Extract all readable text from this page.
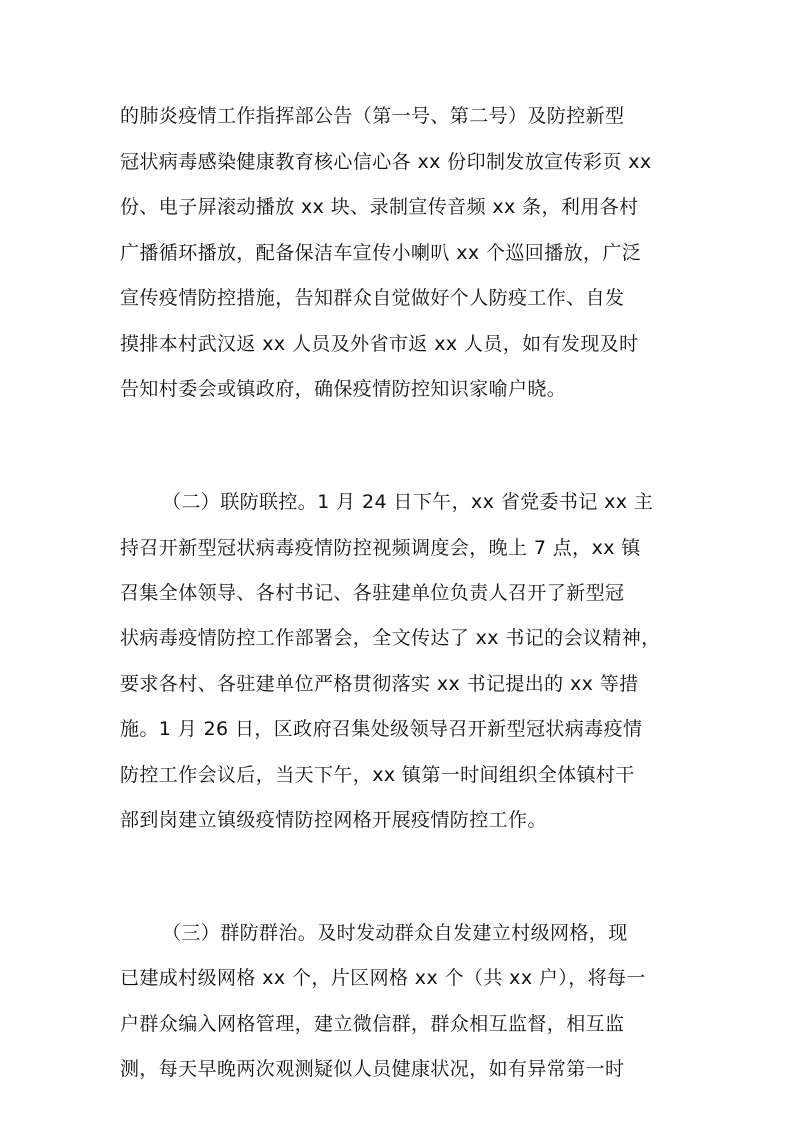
的肺炎疫情工作指挥部公告（第一号、第二号）及防控新型
冠状病毒感染健康教育核心信心各 xx 份印制发放宣传彩页 xx
份、电子屏滚动播放 xx 块、录制宣传音频 xx 条，利用各村
广播循环播放，配备保洁车宣传小喇叭 xx 个巡回播放，广泛
宣传疫情防控措施，告知群众自觉做好个人防疫工作、自发
摸排本村武汉返 xx 人员及外省市返 xx 人员，如有发现及时
告知村委会或镇政府，确保疫情防控知识家喻户晓。
（二）联防联控。1 月 24 日下午，xx 省党委书记 xx 主
持召开新型冠状病毒疫情防控视频调度会，晚上 7 点，xx 镇
召集全体领导、各村书记、各驻建单位负责人召开了新型冠
状病毒疫情防控工作部署会，全文传达了 xx 书记的会议精神，
要求各村、各驻建单位严格贯彻落实 xx 书记提出的 xx 等措
施。1 月 26 日，区政府召集处级领导召开新型冠状病毒疫情
防控工作会议后，当天下午，xx 镇第一时间组织全体镇村干
部到岗建立镇级疫情防控网格开展疫情防控工作。
（三）群防群治。及时发动群众自发建立村级网格，现
已建成村级网格 xx 个，片区网格 xx 个（共 xx 户），将每一
户群众编入网格管理，建立微信群，群众相互监督，相互监
测，每天早晚两次观测疑似人员健康状况，如有异常第一时
